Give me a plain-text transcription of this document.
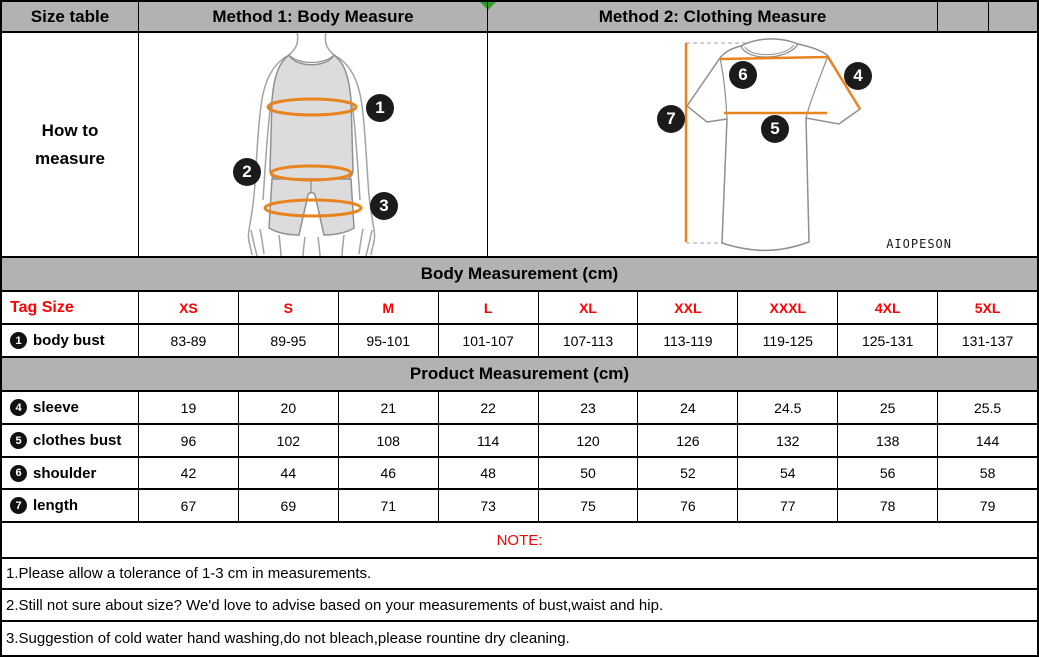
Size table	Method 1: Body Measure	Method 2: Clothing Measure
How to
measure
1
2
3
4
5
6
7
AIOPESON
Body Measurement (cm)
Tag Size	XS	S	M	L	XL	XXL	XXXL	4XL	5XL
1 body bust	83-89	89-95	95-101	101-107	107-113	113-119	119-125	125-131	131-137
Product Measurement (cm)
4 sleeve	19	20	21	22	23	24	24.5	25	25.5
5 clothes bust	96	102	108	114	120	126	132	138	144
6 shoulder	42	44	46	48	50	52	54	56	58
7 length	67	69	71	73	75	76	77	78	79
NOTE:
1.Please allow a tolerance of 1-3 cm in measurements.
2.Still not sure about size? We'd love to advise based on your measurements of bust,waist and hip.
3.Suggestion of cold water hand washing,do not bleach,please rountine dry cleaning.
